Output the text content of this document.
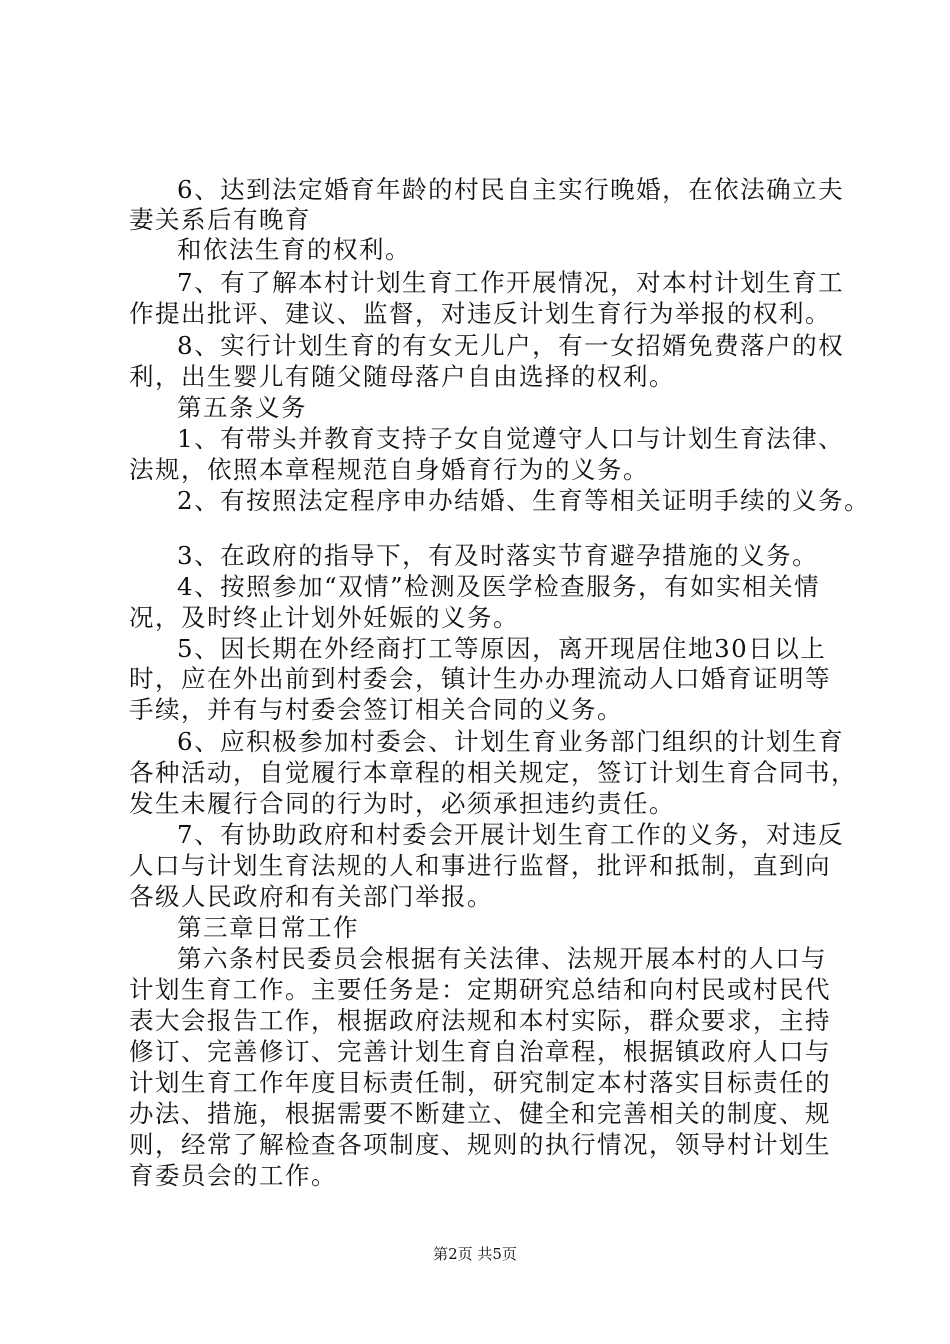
6、达到法定婚育年龄的村民自主实行晚婚，在依法确立夫
妻关系后有晚育
和依法生育的权利。
7、有了解本村计划生育工作开展情况，对本村计划生育工
作提出批评、建议、监督，对违反计划生育行为举报的权利。
8、实行计划生育的有女无儿户，有一女招婿免费落户的权
利，出生婴儿有随父随母落户自由选择的权利。
第五条义务
1、有带头并教育支持子女自觉遵守人口与计划生育法律、
法规，依照本章程规范自身婚育行为的义务。
2、有按照法定程序申办结婚、生育等相关证明手续的义务。
3、在政府的指导下，有及时落实节育避孕措施的义务。
4、按照参加“双情”检测及医学检查服务，有如实相关情
况，及时终止计划外妊娠的义务。
5、因长期在外经商打工等原因，离开现居住地30日以上
时，应在外出前到村委会，镇计生办办理流动人口婚育证明等
手续，并有与村委会签订相关合同的义务。
6、应积极参加村委会、计划生育业务部门组织的计划生育
各种活动，自觉履行本章程的相关规定，签订计划生育合同书，
发生未履行合同的行为时，必须承担违约责任。
7、有协助政府和村委会开展计划生育工作的义务，对违反
人口与计划生育法规的人和事进行监督，批评和抵制，直到向
各级人民政府和有关部门举报。
第三章日常工作
第六条村民委员会根据有关法律、法规开展本村的人口与
计划生育工作。主要任务是：定期研究总结和向村民或村民代
表大会报告工作，根据政府法规和本村实际，群众要求，主持
修订、完善修订、完善计划生育自治章程，根据镇政府人口与
计划生育工作年度目标责任制，研究制定本村落实目标责任的
办法、措施，根据需要不断建立、健全和完善相关的制度、规
则，经常了解检查各项制度、规则的执行情况，领导村计划生
育委员会的工作。
第2页 共5页
